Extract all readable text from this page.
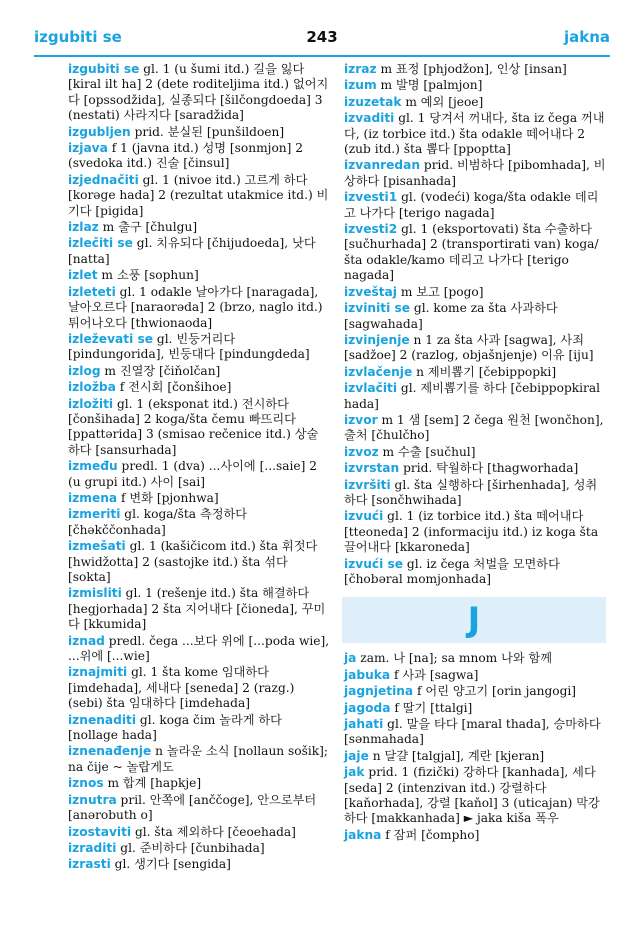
izgubiti se	243	jakna
izgubiti se gl. 1 (u šumi itd.) 길을 잃다 [kiral ilt ha] 2 (dete roditeljima itd.) 없어지다 [opssodžida], 실종되다 [šilčongdoeda] 3 (nestati) 사라지다 [saradžida]
izgubljen prid. 분실된 [punšildoen]
izjava f 1 (javna itd.) 성명 [sonmjon] 2 (svedoka itd.) 진술 [činsul]
izjednačiti gl. 1 (nivoe itd.) 고르게 하다 [korəge hada] 2 (rezultat utakmice itd.) 비기다 [pigida]
izlaz m 출구 [čhulgu]
izlečiti se gl. 치유되다 [čhijudoeda], 낫다 [natta]
izlet m 소풍 [sophun]
izleteti gl. 1 odakle 날아가다 [naragada], 날아오르다 [naraorəda] 2 (brzo, naglo itd.) 튀어나오다 [thwionaoda]
izleževati se gl. 빈둥거리다 [pindungorida], 빈둥대다 [pindungdeda]
izlog m 진열장 [čiňolčan]
izložba f 전시회 [čonšihoe]
izložiti gl. 1 (eksponat itd.) 전시하다 [čonšihada] 2 koga/šta čemu 빠뜨리다 [ppattərida] 3 (smisao rečenice itd.) 상술하다 [sansurhada]
između predl. 1 (dva) ...사이에 [...saie] 2 (u grupi itd.) 사이 [sai]
izmena f 변화 [pjonhwa]
izmeriti gl. koga/šta 측정하다 [čhəkččonhada]
izmešati gl. 1 (kašičicom itd.) šta 휘젓다 [hwidžotta] 2 (sastojke itd.) šta 섞다 [sokta]
izmisliti gl. 1 (rešenje itd.) šta 해결하다 [hegjorhada] 2 šta 지어내다 [čioneda], 꾸미다 [kkumida]
iznad predl. čega ...보다 위에 [...poda wie], ...위에 [...wie]
iznajmiti gl. 1 šta kome 임대하다 [imdehada], 세내다 [seneda] 2 (razg.) (sebi) šta 임대하다 [imdehada]
iznenaditi gl. koga čim 놀라게 하다 [nollage hada]
iznenađenje n 놀라운 소식 [nollaun sošik]; na čije ~ 놀랍게도
iznos m 합계 [hapkje]
iznutra pril. 안쪽에 [anččoge], 안으로부터 [anərobuth o]
izostaviti gl. šta 제외하다 [čeoehada]
izraditi gl. 준비하다 [čunbihada]
izrasti gl. 생기다 [sengida]
izraz m 표정 [phjodžon], 인상 [insan]
izum m 발명 [palmjon]
izuzetak m 예외 [jeoe]
izvaditi gl. 1 당겨서 꺼내다, šta iz čega 꺼내다, (iz torbice itd.) šta odakle 떼어내다 2 (zub itd.) šta 뽑다 [ppoptta]
izvanredan prid. 비범하다 [pibomhada], 비상하다 [pisanhada]
izvesti1 gl. (vodeći) koga/šta odakle 데리고 나가다 [terigo nagada]
izvesti2 gl. 1 (eksportovati) šta 수출하다 [sučhurhada] 2 (transportirati van) koga/šta odakle/kamo 데리고 나가다 [terigo nagada]
izveštaj m 보고 [pogo]
izviniti se gl. kome za šta 사과하다 [sagwahada]
izvinjenje n 1 za šta 사과 [sagwa], 사죄 [sadžoe] 2 (razlog, objašnjenje) 이유 [iju]
izvlačenje n 제비뽑기 [čebippopki]
izvlačiti gl. 제비뽑기를 하다 [čebippopkiral hada]
izvor m 1 샘 [sem] 2 čega 원천 [wončhon], 출처 [čhulčho]
izvoz m 수출 [sučhul]
izvrstan prid. 탁월하다 [thagworhada]
izvršiti gl. šta 실행하다 [širhenhada], 성취하다 [sončhwihada]
izvući gl. 1 (iz torbice itd.) šta 떼어내다 [tteoneda] 2 (informaciju itd.) iz koga šta 끌어내다 [kkaroneda]
izvući se gl. iz čega 처벌을 모면하다 [čhobəral momjonhada]
J
ja zam. 나 [na]; sa mnom 나와 함께
jabuka f 사과 [sagwa]
jagnjetina f 어린 양고기 [orin jangogi]
jagoda f 딸기 [ttalgi]
jahati gl. 말을 타다 [maral thada], 승마하다 [sənmahada]
jaje n 달걀 [talgjal], 계란 [kjeran]
jak prid. 1 (fizički) 강하다 [kanhada], 세다 [seda] 2 (intenzivan itd.) 강렬하다 [kaňorhada], 강렬 [kaňol] 3 (uticajan) 막강하다 [makkanhada] ► jaka kiša 폭우
jakna f 잠퍼 [čompho]
